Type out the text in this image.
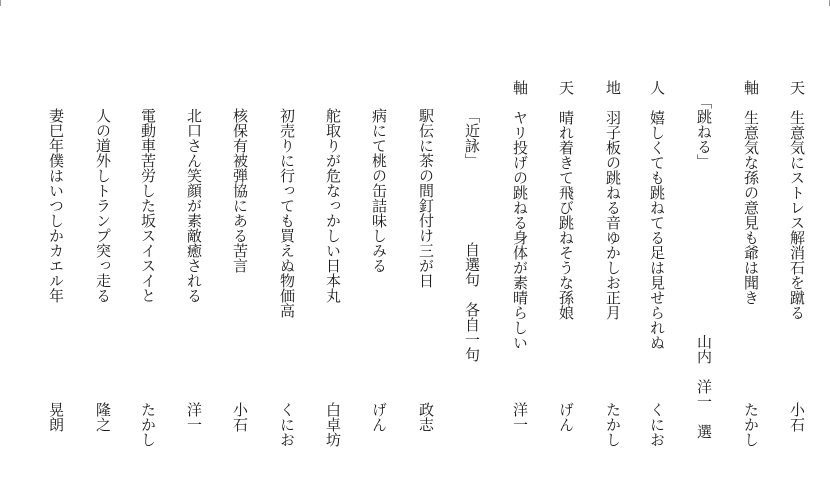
天生意気にストレス解消石を蹴る
小石
軸生意気な孫の意見も爺は聞き
たかし
「跳ねる」
山内　洋一　選
人嬉しくても跳ねてる足は見せられぬ
くにお
地羽子板の跳ねる音ゆかしお正月
たかし
天晴れ着きて飛び跳ねそうな孫娘
げん
軸ヤリ投げの跳ねる身体が素晴らしい
洋一
「近詠」
自選句　各自一句
駅伝に茶の間釘付け三が日
政志
病にて桃の缶詰味しみる
げん
舵取りが危なっかしい日本丸
白卓坊
初売りに行っても買えぬ物価高
くにお
核保有被弾協にある苦言
小石
北口さん笑顔が素敵癒される
洋一
電動車苦労した坂スイスイと
たかし
人の道外しトランプ突っ走る
隆之
妻巳年僕はいつしかカエル年
晃朗
